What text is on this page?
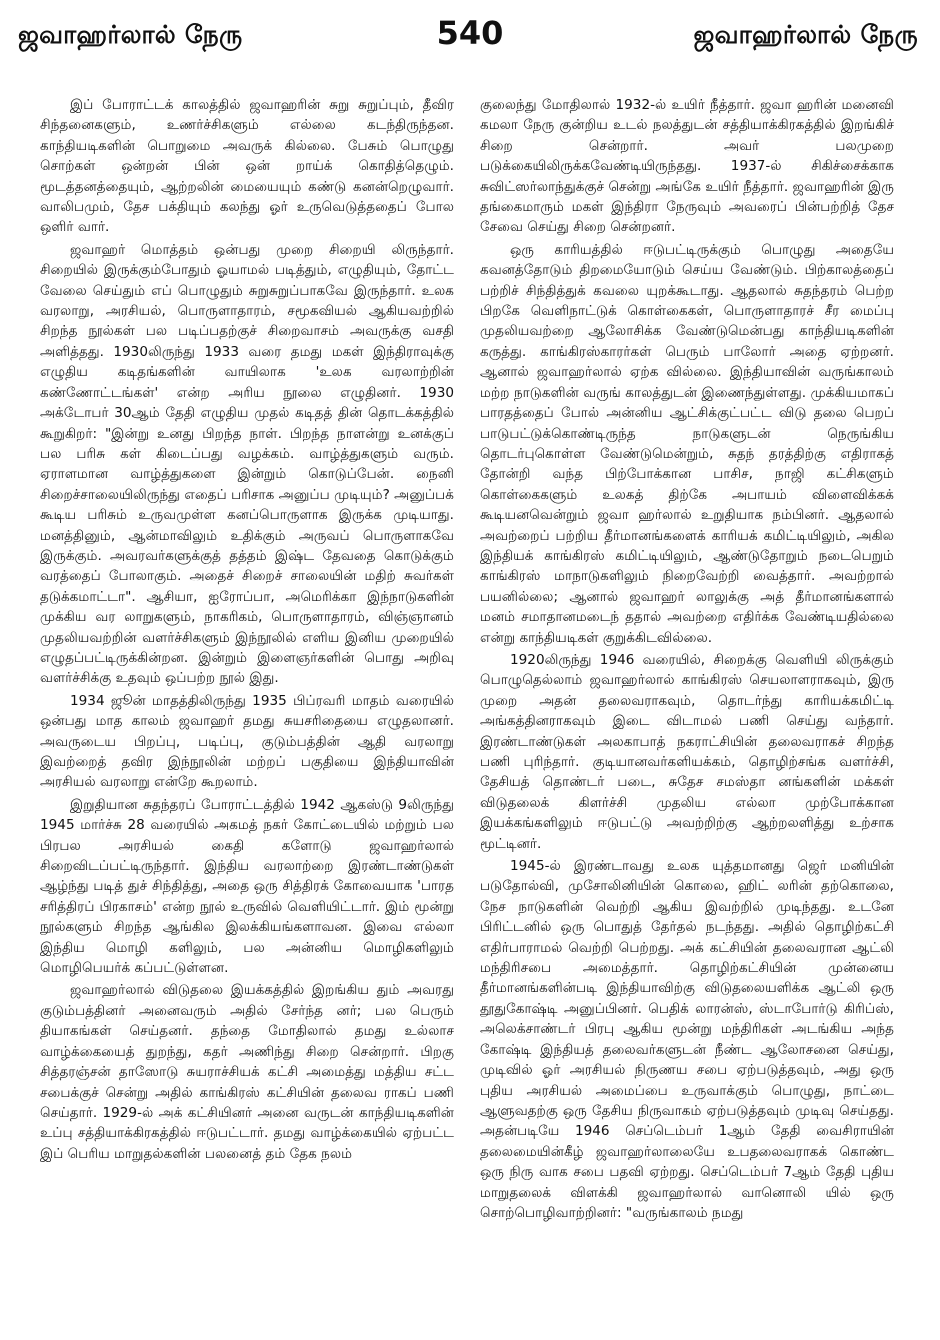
ஜவாஹர்லால் நேரு	540	ஜவாஹர்லால் நேரு

இப் போராட்டக் காலத்தில் ஜவாஹரின் சுறு சுறுப்பும், தீவிர சிந்தனைகளும், உணர்ச்சிகளும் எல்லை கடந்திருந்தன. காந்தியடிகளின் பொறுமை அவருக் கில்லை. பேசும் பொழுது சொற்கள் ஒன்றன் பின் ஒன் றாய்க் கொதித்தெழும். மூடத்தனத்தையும், ஆற்றலின் மையையும் கண்டு கனன்றெழுவார். வாலிபமும், தேச பக்தியும் கலந்து ஓர் உருவெடுத்ததைப் போல ஒளிர் வார்.

ஜவாஹர் மொத்தம் ஒன்பது முறை சிறையி லிருந்தார். சிறையில் இருக்கும்போதும் ஓயாமல் படித்தும், எழுதியும், தோட்ட வேலை செய்தும் எப் பொழுதும் சுறுசுறுப்பாகவே இருந்தார். உலக வரலாறு, அரசியல், பொருளாதாரம், சமூகவியல் ஆகியவற்றில் சிறந்த நூல்கள் பல படிப்பதற்குச் சிறைவாசம் அவருக்கு வசதி அளித்தது. 1930லிருந்து 1933 வரை தமது மகள் இந்திராவுக்கு எழுதிய கடிதங்களின் வாயிலாக 'உலக வரலாற்றின் கண்ணோட்டங்கள்' என்ற அரிய நூலை எழுதினர். 1930 அக்டோபர் 30ஆம் தேதி எழுதிய முதல் கடிதத் தின் தொடக்கத்தில் கூறுகிறர்: "இன்று உனது பிறந்த நாள். பிறந்த நாளன்று உனக்குப் பல பரிசு கள் கிடைப்பது வழக்கம். வாழ்த்துகளும் வரும். ஏராளமான வாழ்த்துகளை இன்றும் கொடுப்பேன். நைனி சிறைச்சாலையிலிருந்து எதைப் பரிசாக அனுப்ப முடியும்? அனுப்பக் கூடிய பரிசும் உருவமுள்ள கனப்பொருளாக இருக்க முடியாது. மனத்தினும், ஆன்மாவிலும் உதிக்கும் அருவப் பொருளாகவே இருக்கும். அவரவர்களுக்குத் தத்தம் இஷ்ட தேவதை கொடுக்கும் வரத்தைப் போலாகும். அதைச் சிறைச் சாலையின் மதிற் சுவர்கள் தடுக்கமாட்டா". ஆசியா, ஐரோப்பா, அமெரிக்கா இந்நாடுகளின் முக்கிய வர லாறுகளும், நாகரிகம், பொருளாதாரம், விஞ்ஞானம் முதலியவற்றின் வளர்ச்சிகளும் இந்நூலில் எளிய இனிய முறையில் எழுதப்பட்டிருக்கின்றன. இன்றும் இளைஞர்களின் பொது அறிவு வளர்ச்சிக்கு உதவும் ஒப்பற்ற நூல் இது.

1934 ஜூன் மாதத்திலிருந்து 1935 பிப்ரவரி மாதம் வரையில் ஒன்பது மாத காலம் ஜவாஹர் தமது சுயசரிதையை எழுதலானர். அவருடைய பிறப்பு, படிப்பு, குடும்பத்தின் ஆதி வரலாறு இவற்றைத் தவிர இந்நூலின் மற்றப் பகுதியை இந்தியாவின் அரசியல் வரலாறு என்றே கூறலாம்.

இறுதியான சுதந்தரப் போராட்டத்தில் 1942 ஆகஸ்டு 9லிருந்து 1945 மார்ச்சு 28 வரையில் அகமத் நகர் கோட்டையில் மற்றும் பல பிரபல அரசியல் கைதி களோடு ஜவாஹர்லால் சிறைவிடப்பட்டிருந்தார். இந்திய வரலாற்றை இரண்டாண்டுகள் ஆழ்ந்து படித் துச் சிந்தித்து, அதை ஒரு சித்திரக் கோவையாக 'பாரத சரித்திரப் பிரகாசம்' என்ற நூல் உருவில் வெளியிட்டார். இம் மூன்று நூல்களும் சிறந்த ஆங்கில இலக்கியங்களாவன. இவை எல்லா இந்திய மொழி களிலும், பல அன்னிய மொழிகளிலும் மொழிபெயர்க் கப்பட்டுள்ளன.

ஜவாஹர்லால் விடுதலை இயக்கத்தில் இறங்கிய தும் அவரது குடும்பத்தினர் அனைவரும் அதில் சேர்ந்த னர்; பல பெரும் தியாகங்கள் செய்தனர். தந்தை மோதிலால் தமது உல்லாச வாழ்க்கையைத் துறந்து, கதர் அணிந்து சிறை சென்றார். பிறகு சித்தரஞ்சன் தாஸோடு சுயராச்சியக் கட்சி அமைத்து மத்திய சட்ட சபைக்குச் சென்று அதில் காங்கிரஸ் கட்சியின் தலைவ ராகப் பணி செய்தார். 1929-ல் அக் கட்சியினர் அனை வருடன் காந்தியடிகளின் உப்பு சத்தியாக்கிரகத்தில் ஈடுபட்டார். தமது வாழ்க்கையில் ஏற்பட்ட இப் பெரிய மாறுதல்களின் பலனைத் தம் தேக நலம்

குலைந்து மோதிலால் 1932-ல் உயிர் நீத்தார். ஜவா ஹரின் மனைவி கமலா நேரு குன்றிய உடல் நலத்துடன் சத்தியாக்கிரகத்தில் இறங்கிச் சிறை சென்றார். அவர் பலமுறை படுக்கையிலிருக்கவேண்டியிருந்தது. 1937-ல் சிகிச்சைக்காக சுவிட்ஸர்லாந்துக்குச் சென்று அங்கே உயிர் நீத்தார். ஜவாஹரின் இரு தங்கைமாரும் மகள் இந்திரா நேருவும் அவரைப் பின்பற்றித் தேச சேவை செய்து சிறை சென்றனர்.

ஒரு காரியத்தில் ஈடுபட்டிருக்கும் பொழுது அதையே கவனத்தோடும் திறமையோடும் செய்ய வேண்டும். பிற்காலத்தைப் பற்றிச் சிந்தித்துக் கவலை யுறக்கூடாது. ஆதலால் சுதந்தரம் பெற்ற பிறகே வெளிநாட்டுக் கொள்கைகள், பொருளாதாரச் சீர மைப்பு முதலியவற்றை ஆலோசிக்க வேண்டுமென்பது காந்தியடிகளின் கருத்து. காங்கிரஸ்காரர்கள் பெரும் பாலோர் அதை ஏற்றனர். ஆனால் ஜவாஹர்லால் ஏற்க வில்லை. இந்தியாவின் வருங்காலம் மற்ற நாடுகளின் வருங் காலத்துடன் இணைந்துள்ளது. முக்கியமாகப் பாரதத்தைப் போல் அன்னிய ஆட்சிக்குட்பட்ட விடு தலை பெறப் பாடுபட்டுக்கொண்டிருந்த நாடுகளுடன் நெருங்கிய தொடர்புகொள்ள வேண்டுமென்றும், சுதந் தரத்திற்கு எதிராகத் தோன்றி வந்த பிற்போக்கான பாசிச, நாஜி கட்சிகளும் கொள்கைகளும் உலகத் திற்கே அபாயம் விளைவிக்கக் கூடியனவென்றும் ஜவா ஹர்லால் உறுதியாக நம்பினர். ஆதலால் அவற்றைப் பற்றிய தீர்மானங்களைக் காரியக் கமிட்டியிலும், அகில இந்தியக் காங்கிரஸ் கமிட்டியிலும், ஆண்டுதோறும் நடைபெறும் காங்கிரஸ் மாநாடுகளிலும் நிறைவேற்றி வைத்தார். அவற்றால் பயனில்லை; ஆனால் ஜவாஹர் லாலுக்கு அத் தீர்மானங்களால் மனம் சமாதானமடைந் ததால் அவற்றை எதிர்க்க வேண்டியதில்லை என்று காந்தியடிகள் குறுக்கிடவில்லை.

1920லிருந்து 1946 வரையில், சிறைக்கு வெளியி லிருக்கும் பொழுதெல்லாம் ஜவாஹர்லால் காங்கிரஸ் செயலாளராகவும், இரு முறை அதன் தலைவராகவும், தொடர்ந்து காரியக்கமிட்டி அங்கத்தினராகவும் இடை விடாமல் பணி செய்து வந்தார். இரண்டாண்டுகள் அலகாபாத் நகராட்சியின் தலைவராகச் சிறந்த பணி புரிந்தார். குடியானவர்களியக்கம், தொழிற்சங்க வளர்ச்சி, தேசியத் தொண்டர் படை, சுதேச சமஸ்தா னங்களின் மக்கள் விடுதலைக் கிளர்ச்சி முதலிய எல்லா முற்போக்கான இயக்கங்களிலும் ஈடுபட்டு அவற்றிற்கு ஆற்றலளித்து உற்சாக மூட்டினர்.

1945-ல் இரண்டாவது உலக யுத்தமானது ஜெர் மனியின் படுதோல்வி, முசோலினியின் கொலை, ஹிட் லரின் தற்கொலை, நேச நாடுகளின் வெற்றி ஆகிய இவற்றில் முடிந்தது. உடனே பிரிட்டனில் ஒரு பொதுத் தேர்தல் நடந்தது. அதில் தொழிற்கட்சி எதிர்பாராமல் வெற்றி பெற்றது. அக் கட்சியின் தலைவரான ஆட்லி மந்திரிசபை அமைத்தார். தொழிற்கட்சியின் முன்னைய தீர்மானங்களின்படி இந்தியாவிற்கு விடுதலையளிக்க ஆட்லி ஒரு தூதுகோஷ்டி அனுப்பினர். பெதிக் லாரன்ஸ், ஸ்டாபோர்டு கிரிப்ஸ், அலெக்சாண்டர் பிரபு ஆகிய மூன்று மந்திரிகள் அடங்கிய அந்த கோஷ்டி இந்தியத் தலைவர்களுடன் நீண்ட ஆலோசனை செய்து, முடிவில் ஓர் அரசியல் நிருணய சபை ஏற்படுத்தவும், அது ஒரு புதிய அரசியல் அமைப்பை உருவாக்கும் பொழுது, நாட்டை ஆளுவதற்கு ஒரு தேசிய நிருவாகம் ஏற்படுத்தவும் முடிவு செய்தது. அதன்படியே 1946 செப்டெம்பர் 1ஆம் தேதி வைசிராயின் தலைமையின்கீழ் ஜவாஹர்லாலையே உபதலைவராகக் கொண்ட ஒரு நிரு வாக சபை பதவி ஏற்றது. செப்டெம்பர் 7ஆம் தேதி புதிய மாறுதலைக் விளக்கி ஜவாஹர்லால் வானொலி யில் ஒரு சொற்பொழிவாற்றினர்: "வருங்காலம் நமது
